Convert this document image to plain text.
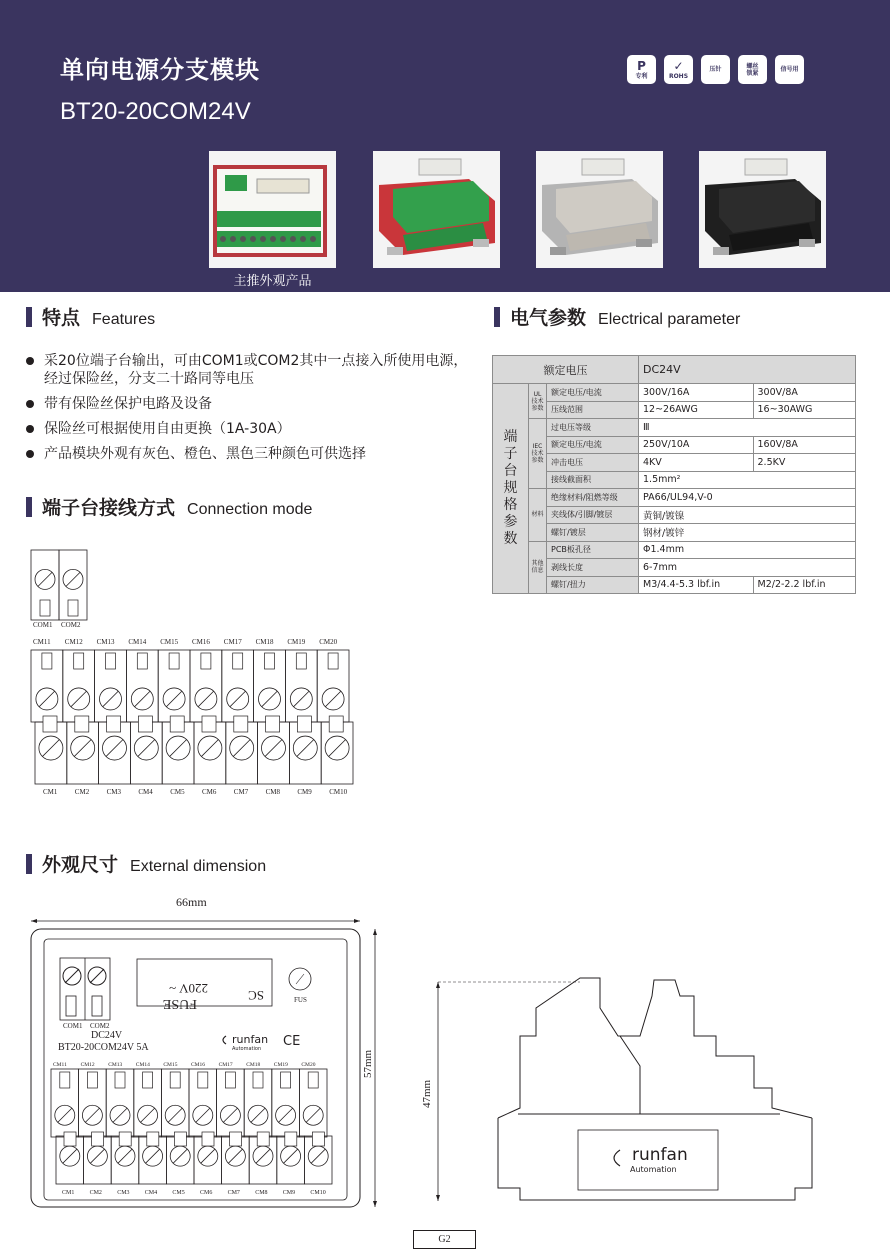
单向电源分支模块
BT20-20COM24V
P
专利
✓
ROHS
压针	螺丝
锁紧	信号用
主推外观产品
特点 Features
采20位端子台输出，可由COM1或COM2其中一点接入所使用电源，经过保险丝，分支二十路同等电压
带有保险丝保护电路及设备
保险丝可根据使用自由更换（1A-30A）
产品模块外观有灰色、橙色、黑色三种颜色可供选择
电气参数 Electrical parameter
额定电压			DC24V	
端子台规格参数	UL技术参数	额定电压/电流	300V/16A	300V/8A
		压线范围	12~26AWG	16~30AWG
	IEC技术参数	过电压等级	Ⅲ	
		额定电压/电流	250V/10A	160V/8A
		冲击电压	4KV	2.5KV
		接线截面积	1.5mm²	
	材料	绝缘材料/阻燃等级	PA66/UL94,V-0	
		夹线体/引脚/镀层	黄铜/镀镍	
		螺钉/镀层	钢材/镀锌	
	其他信息	PCB板孔径	Φ1.4mm	
		剥线长度	6-7mm	
		螺钉/扭力	M3/4.4-5.3 lbf.in	M2/2-2.2 lbf.in
端子台接线方式 Connection mode
COM1 COM2
CM11 CM12 CM13 CM14 CM15 CM16 CM17 CM18 CM19 CM20
CM1 CM2 CM3 CM4 CM5 CM6 CM7 CM8 CM9 CM10
外观尺寸 External dimension
66mm
57mm
COM1 COM2
FUSE
220V ~	SC	FUS
DC24V
BT20-20COM24V 5A
runfan
Automation CE
CM11 CM12 CM13 CM14 CM15 CM16 CM17 CM18 CM19 CM20
CM1	CM2	CM3	CM4	CM5	CM6	CM7	CM8	CM9	CM10
47mm
runfan
Automation
G2
